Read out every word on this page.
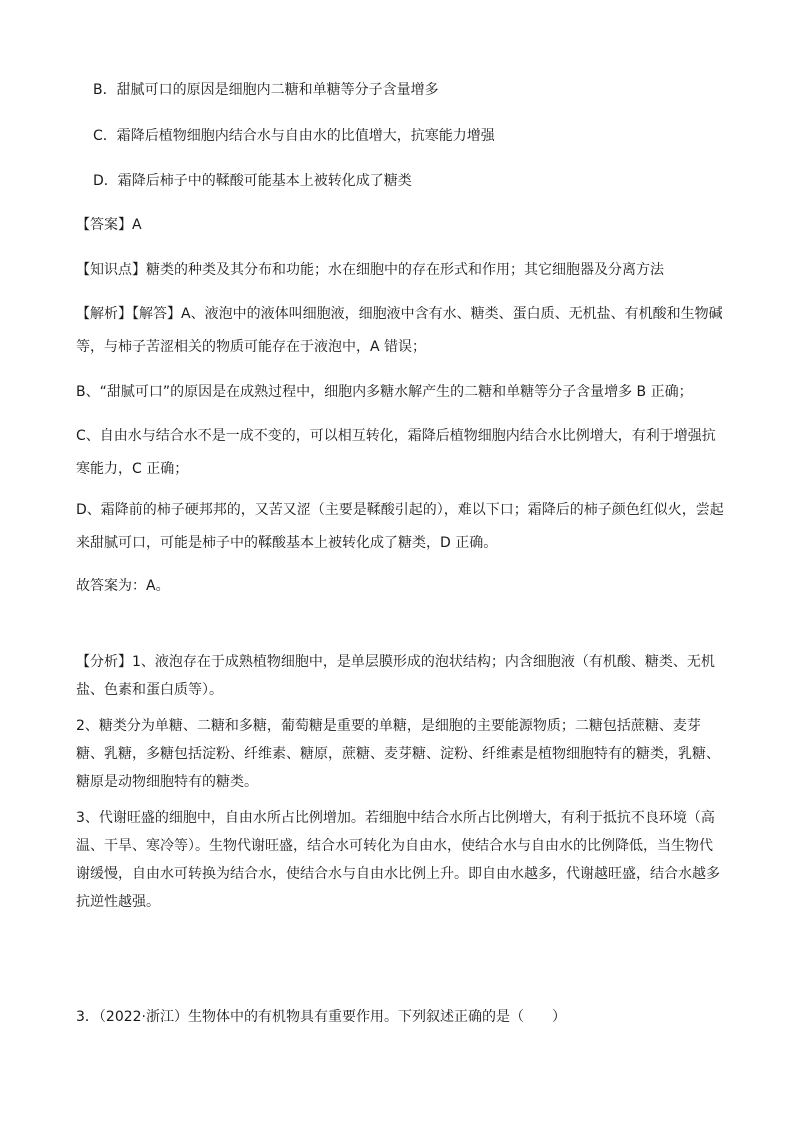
B．甜腻可口的原因是细胞内二糖和单糖等分子含量增多
C．霜降后植物细胞内结合水与自由水的比值增大，抗寒能力增强
D．霜降后柿子中的鞣酸可能基本上被转化成了糖类
【答案】A
【知识点】糖类的种类及其分布和功能；水在细胞中的存在形式和作用；其它细胞器及分离方法
【解析】【解答】A、液泡中的液体叫细胞液，细胞液中含有水、糖类、蛋白质、无机盐、有机酸和生物碱等，与柿子苦涩相关的物质可能存在于液泡中，A 错误；
B、“甜腻可口”的原因是在成熟过程中，细胞内多糖水解产生的二糖和单糖等分子含量增多 B 正确；
C、自由水与结合水不是一成不变的，可以相互转化，霜降后植物细胞内结合水比例增大，有利于增强抗寒能力，C 正确；
D、霜降前的柿子硬邦邦的，又苦又涩（主要是鞣酸引起的），难以下口；霜降后的柿子颜色红似火，尝起来甜腻可口，可能是柿子中的鞣酸基本上被转化成了糖类，D 正确。
故答案为：A。
【分析】1、液泡存在于成熟植物细胞中，是单层膜形成的泡状结构；内含细胞液（有机酸、糖类、无机盐、色素和蛋白质等）。
2、糖类分为单糖、二糖和多糖，葡萄糖是重要的单糖，是细胞的主要能源物质；二糖包括蔗糖、麦芽糖、乳糖，多糖包括淀粉、纤维素、糖原，蔗糖、麦芽糖、淀粉、纤维素是植物细胞特有的糖类，乳糖、糖原是动物细胞特有的糖类。
3、代谢旺盛的细胞中，自由水所占比例增加。若细胞中结合水所占比例增大，有利于抵抗不良环境（高温、干旱、寒冷等）。生物代谢旺盛，结合水可转化为自由水，使结合水与自由水的比例降低，当生物代谢缓慢，自由水可转换为结合水，使结合水与自由水比例上升。即自由水越多，代谢越旺盛，结合水越多抗逆性越强。
3．（2022·浙江）生物体中的有机物具有重要作用。下列叙述正确的是（　　）
